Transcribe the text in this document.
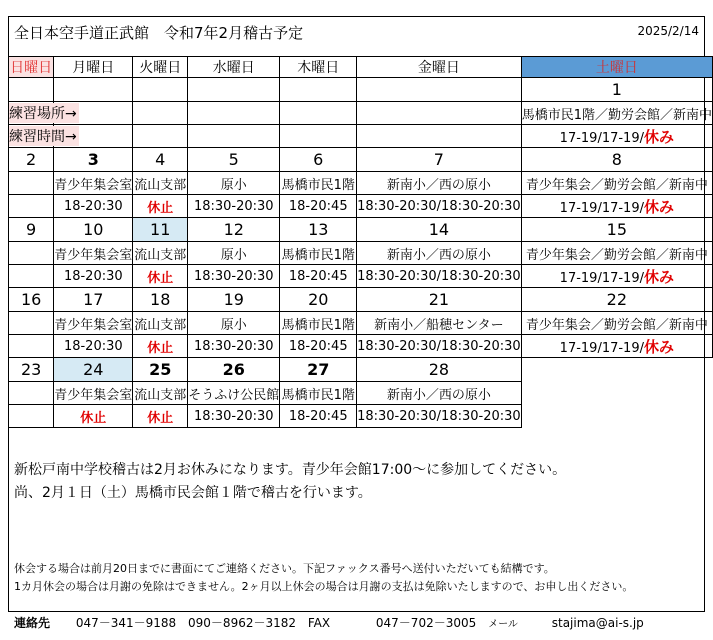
全日本空手道正武館　令和7年2月稽古予定	2025/2/14
日曜日	月曜日	火曜日	水曜日	木曜日	金曜日	土曜日
						1

練習場所→						馬橋市民1階／勤労会館／新南中

練習時間→						17-19/17-19/休み
2	3	4	5	6	7	8
	青少年集会室	流山支部	原小	馬橋市民1階	新南小／西の原小	青少年集会／勤労会館／新南中
	18-20:30	休止	18:30-20:30	18-20:45	18:30-20:30/18:30-20:30	17-19/17-19/休み
9	10	11	12	13	14	15
	青少年集会室	流山支部	原小	馬橋市民1階	新南小／西の原小	青少年集会／勤労会館／新南中
	18-20:30	休止	18:30-20:30	18-20:45	18:30-20:30/18:30-20:30	17-19/17-19/休み
16	17	18	19	20	21	22
	青少年集会室	流山支部	原小	馬橋市民1階	新南小／船穂センター	青少年集会／勤労会館／新南中
	18-20:30	休止	18:30-20:30	18-20:45	18:30-20:30/18:30-20:30	17-19/17-19/休み
23	24	25	26	27	28	
	青少年集会室	流山支部	そうふけ公民館	馬橋市民1階	新南小／西の原小	
	休止	休止	18:30-20:30	18-20:45	18:30-20:30/18:30-20:30	
新松戸南中学校稽古は2月お休みになります。青少年会館17:00～に参加してください。
尚、2月１日（土）馬橋市民会館１階で稽古を行います。
休会する場合は前月20日までに書面にてご連絡ください。下記ファックス番号へ送付いただいても結構です。
1カ月休会の場合は月謝の免除はできません。2ヶ月以上休会の場合は月謝の支払は免除いたしますので、お申し出ください。
連絡先 047－341－9188 090－8962－3182 FAX	047－702－3005 メール	stajima@ai-s.jp
